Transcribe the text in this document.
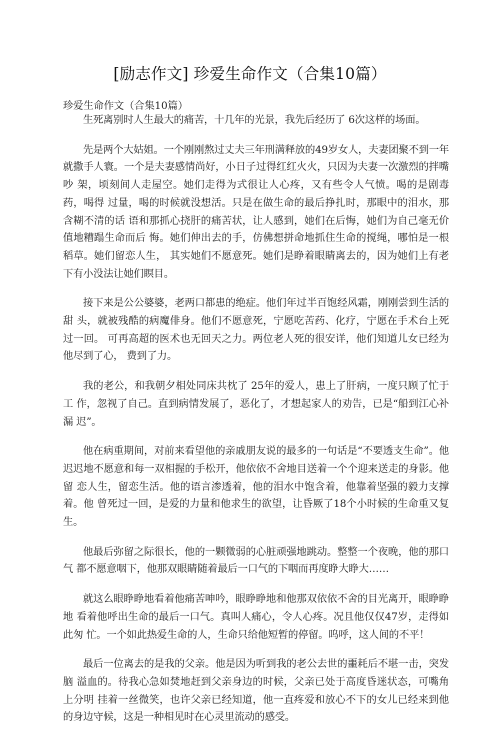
[励志作文] 珍爱生命作文（合集10篇）
珍爱生命作文（合集10篇）

生死离别时人生最大的痛苦，十几年的光景，我先后经历了 6次这样的场面。

先是两个大姑姐。一个刚刚熬过丈夫三年刑满释放的49岁女人，夫妻团聚不到一年 就撒手人寰。一个是夫妻感情尚好，小日子过得红红火火，只因为夫妻一次激烈的拌嘴吵 架，顷刻间人走屋空。她们走得为式很让人心疼，又有些令人气愤。喝的是剧毒药，喝得 过量，喝的时候就没想活。只是在做生命的最后挣扎时，那眼中的泪水，那含糊不清的话 语和那抓心挠肝的痛苦状，让人感到，她们在后悔，她们为自己毫无价值地糟蹋生命而后 悔。她们伸出去的手，仿佛想拼命地抓住生命的搅绳，哪怕是一根稻草。她们留恋人生， 其实她们不愿意死。她们是睁着眼睛离去的，因为她们上有老下有小没法让她们瞑目。

接下来是公公婆婆，老两口都患的绝症。他们年过半百饱经风霜，刚刚尝到生活的甜 头，就被残酷的病魔俳身。他们不愿意死，宁愿吃苦药、化疗，宁愿在手术台上死过一回。 可再高超的医术也无回天之力。两位老人死的很安详，他们知道儿女已经为他尽到了心， 费到了力。

我的老公，和我朝夕相处同床共枕了 25年的爱人，患上了肝病，一度只顾了忙于工 作，忽视了自己。直到病情发展了，恶化了，才想起家人的劝告，已是“船到江心补漏 迟”。

他在病重期间，对前来看望他的亲戚朋友说的最多的一句话是“不要透支生命”。他 迟迟地不愿意和每一双相握的手松开，他依依不舍地目送着一个个迎来送走的身影。他留 恋人生，留恋生活。他的语言渗透着，他的泪水中饱含着，他靠着坚强的毅力支撑着。他 曾死过一回，是爱的力量和他求生的欲望，让昏厥了18个小时候的生命重又复生。

他最后弥留之际很长，他的一颗微弱的心脏顽强地跳动。整整一个夜晚，他的那口气 都不愿意咽下，他那双眼睛随着最后一口气的下咽而再度睁大睁大……

就这么眼睁睁地看着他痛苦呻吟，眼睁睁地和他那双依依不舍的目光离开，眼睁睁地 看着他呼出生命的最后一口气。真叫人痛心，令人心疼。况且他仅仅47岁，走得如此匆 忙。一个如此热爱生命的人，生命只给他短暂的停留。呜呼，这人间的不平！

最后一位离去的是我的父亲。他是因为听到我的老公去世的噩耗后不堪一击，突发脑 溢血的。待我心急如焚地赶到父亲身边的时候，父亲已处于高度昏迷状态，可嘴角上分明 挂着一丝微笑，也许父亲已经知道，他一直疼爱和放心不下的女儿已经来到他的身边守候，这是一种相见时在心灵里流动的感受。
